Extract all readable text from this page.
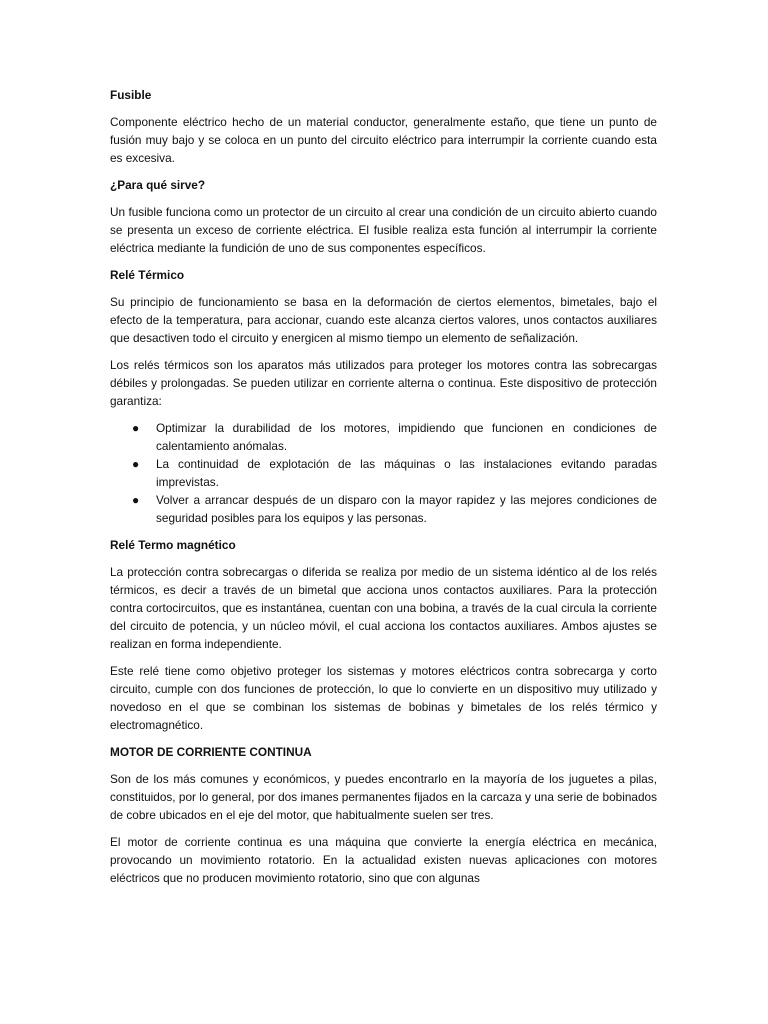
Fusible
Componente eléctrico hecho de un material conductor, generalmente estaño, que tiene un punto de fusión muy bajo y se coloca en un punto del circuito eléctrico para interrumpir la corriente cuando esta es excesiva.
¿Para qué sirve?
Un fusible funciona como un protector de un circuito al crear una condición de un circuito abierto cuando se presenta un exceso de corriente eléctrica. El fusible realiza esta función al interrumpir la corriente eléctrica mediante la fundición de uno de sus componentes específicos.
Relé Térmico
Su principio de funcionamiento se basa en la deformación de ciertos elementos, bimetales, bajo el efecto de la temperatura, para accionar, cuando este alcanza ciertos valores, unos contactos auxiliares que desactiven todo el circuito y energicen al mismo tiempo un elemento de señalización.
Los relés térmicos son los aparatos más utilizados para proteger los motores contra las sobrecargas débiles y prolongadas. Se pueden utilizar en corriente alterna o continua. Este dispositivo de protección garantiza:
● Optimizar la durabilidad de los motores, impidiendo que funcionen en condiciones de calentamiento anómalas.
● La continuidad de explotación de las máquinas o las instalaciones evitando paradas imprevistas.
● Volver a arrancar después de un disparo con la mayor rapidez y las mejores condiciones de seguridad posibles para los equipos y las personas.
Relé Termo magnético
La protección contra sobrecargas o diferida se realiza por medio de un sistema idéntico al de los relés térmicos, es decir a través de un bimetal que acciona unos contactos auxiliares. Para la protección contra cortocircuitos, que es instantánea, cuentan con una bobina, a través de la cual circula la corriente del circuito de potencia, y un núcleo móvil, el cual acciona los contactos auxiliares. Ambos ajustes se realizan en forma independiente.
Este relé tiene como objetivo proteger los sistemas y motores eléctricos contra sobrecarga y corto circuito, cumple con dos funciones de protección, lo que lo convierte en un dispositivo muy utilizado y novedoso en el que se combinan los sistemas de bobinas y bimetales de los relés térmico y electromagnético.
MOTOR DE CORRIENTE CONTINUA
Son de los más comunes y económicos, y puedes encontrarlo en la mayoría de los juguetes a pilas, constituidos, por lo general, por dos imanes permanentes fijados en la carcaza y una serie de bobinados de cobre ubicados en el eje del motor, que habitualmente suelen ser tres.
El motor de corriente continua es una máquina que convierte la energía eléctrica en mecánica, provocando un movimiento rotatorio. En la actualidad existen nuevas aplicaciones con motores eléctricos que no producen movimiento rotatorio, sino que con algunas
